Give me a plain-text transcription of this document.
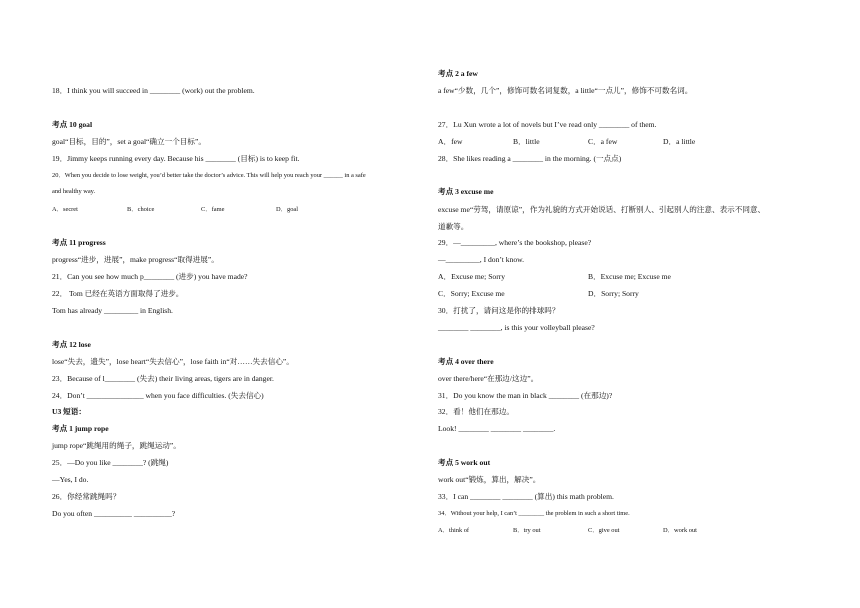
18．I think you will succeed in ________ (work) out the problem.
考点 10 goal
goal“目标，目的”，set a goal“确立一个目标”。
19．Jimmy keeps running every day. Because his ________ (目标) is to keep fit.
20．When you decide to lose weight, you’d better take the doctor’s advice. This will help you reach your ______ in a safe
and healthy way.
A．secret	B．choice	C．fame	D．goal
考点 11 progress
progress“进步，进展”，make progress“取得进展”。
21．Can you see how much p________ (进步) you have made?
22． Tom 已经在英语方面取得了进步。
Tom has already _________ in English.
考点 12 lose
lose“失去，遗失”，lose heart“失去信心”，lose faith in“对……失去信心”。
23．Because of l________ (失去) their living areas, tigers are in danger.
24．Don’t _______________ when you face difficulties. (失去信心)
U3 短语：
考点 1 jump rope
jump rope“跳绳用的绳子，跳绳运动”。
25．—Do you like ________? (跳绳)
—Yes, I do.
26．你经常跳绳吗？
Do you often __________ __________?
考点 2 a few
a few“少数，几个”，修饰可数名词复数，a little“一点儿”，修饰不可数名词。
27．Lu Xun wrote a lot of novels but I’ve read only ________ of them.
A．few	B．little	C．a few	D．a little
28．She likes reading a ________ in the morning. (一点点)
考点 3 excuse me
excuse me“劳驾，请原谅”，作为礼貌的方式开始说话、打断别人、引起别人的注意、表示不同意、
道歉等。
29．—_________, where’s the bookshop, please?
—_________, I don’t know.
A．Excuse me; Sorry	B．Excuse me; Excuse me
C．Sorry; Excuse me	D．Sorry; Sorry
30．打扰了，请问这是你的排球吗？
________ ________, is this your volleyball please?
考点 4 over there
over there/here“在那边/这边”。
31．Do you know the man in black ________ (在那边)?
32．看！他们在那边。
Look! ________ ________ ________.
考点 5 work out
work out“锻炼，算出，解决”。
33．I can ________ ________ (算出) this math problem.
34．Without your help, I can’t ________ the problem in such a short time.
A．think of	B．try out	C．give out	D．work out
